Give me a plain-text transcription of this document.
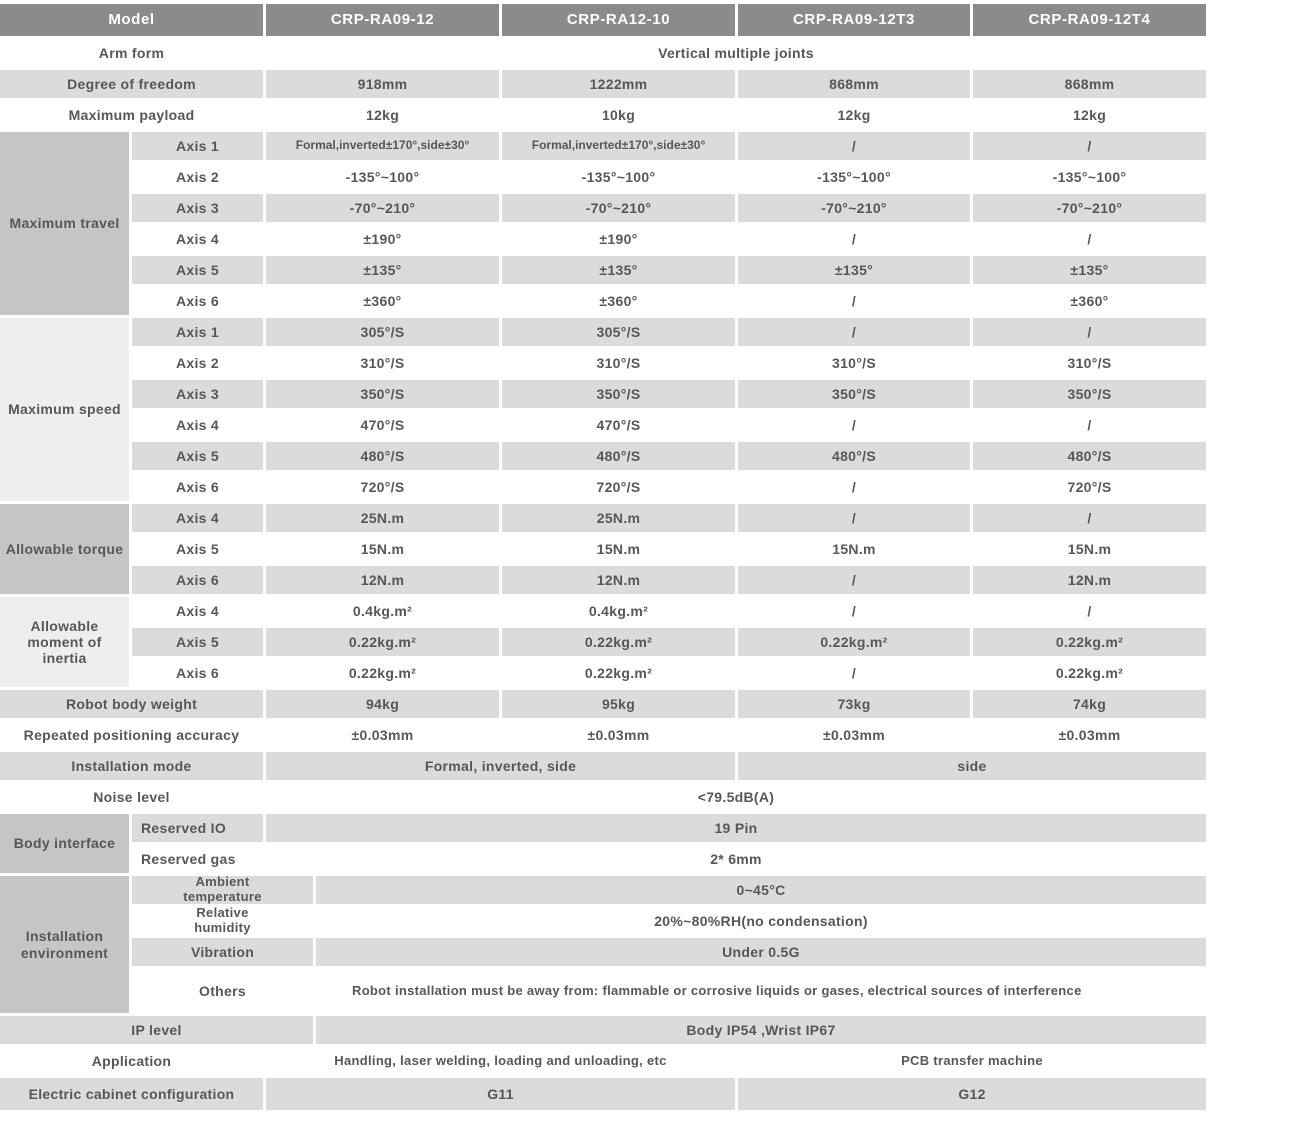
Model	CRP-RA09-12	CRP-RA12-10	CRP-RA09-12T3	CRP-RA09-12T4
Arm form	Vertical multiple joints
Degree of freedom	918mm	1222mm	868mm	868mm
Maximum payload	12kg	10kg	12kg	12kg
Maximum travel
Axis 1	Formal,inverted±170°,side±30°	Formal,inverted±170°,side±30°	/	/
Axis 2	-135°~100°	-135°~100°	-135°~100°	-135°~100°
Axis 3	-70°~210°	-70°~210°	-70°~210°	-70°~210°
Axis 4	±190°	±190°	/	/
Axis 5	±135°	±135°	±135°	±135°
Axis 6	±360°	±360°	/	±360°
Maximum speed
Axis 1	305°/S	305°/S	/	/
Axis 2	310°/S	310°/S	310°/S	310°/S
Axis 3	350°/S	350°/S	350°/S	350°/S
Axis 4	470°/S	470°/S	/	/
Axis 5	480°/S	480°/S	480°/S	480°/S
Axis 6	720°/S	720°/S	/	720°/S
Allowable torque
Axis 4	25N.m	25N.m	/	/
Axis 5	15N.m	15N.m	15N.m	15N.m
Axis 6	12N.m	12N.m	/	12N.m
Allowable moment of inertia
Axis 4	0.4kg.m²	0.4kg.m²	/	/
Axis 5	0.22kg.m²	0.22kg.m²	0.22kg.m²	0.22kg.m²
Axis 6	0.22kg.m²	0.22kg.m²	/	0.22kg.m²
Robot body weight	94kg	95kg	73kg	74kg
Repeated positioning accuracy	±0.03mm	±0.03mm	±0.03mm	±0.03mm
Installation mode	Formal, inverted, side	side
Noise level	<79.5dB(A)
Body interface
Reserved IO	19 Pin
Reserved gas	2* 6mm
Installation environment
Ambient temperature	0~45°C
Relative humidity	20%~80%RH(no condensation)
Vibration	Under 0.5G
Others	Robot installation must be away from: flammable or corrosive liquids or gases, electrical sources of interference
IP level	Body IP54 ,Wrist IP67
Application	Handling, laser welding, loading and unloading, etc	PCB transfer machine
Electric cabinet configuration	G11	G12
